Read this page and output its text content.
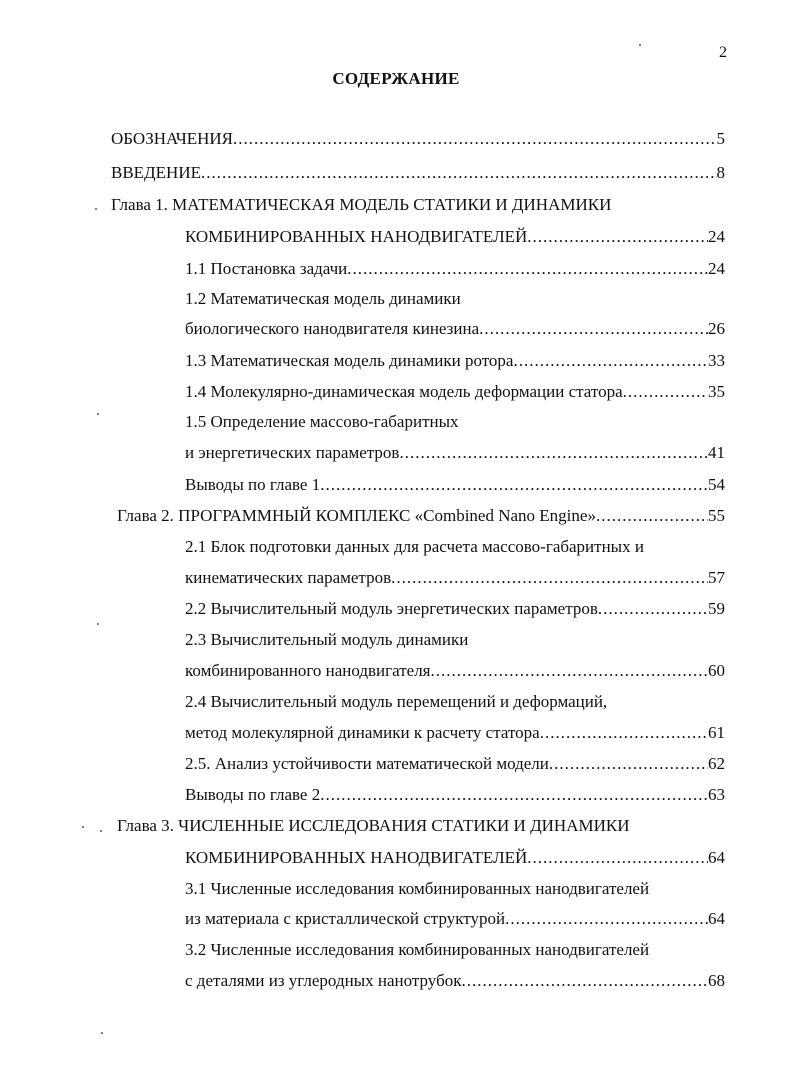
2
СОДЕРЖАНИЕ
ОБОЗНАЧЕНИЯ .....	5
ВВЕДЕНИЕ .....	8
Глава 1. МАТЕМАТИЧЕСКАЯ МОДЕЛЬ СТАТИКИ И ДИНАМИКИ
КОМБИНИРОВАННЫХ НАНОДВИГАТЕЛЕЙ .....	24
1.1 Постановка задачи .....	24
1.2 Математическая модель динамики
биологического нанодвигателя кинезина .....	26
1.3 Математическая модель динамики ротора .....	33
1.4 Молекулярно-динамическая модель деформации статора .....	35
1.5 Определение массово-габаритных
и энергетических параметров .....	41
Выводы по главе 1 .....	54
Глава 2. ПРОГРАММНЫЙ КОМПЛЕКС «Combined Nano Engine» .....	55
2.1 Блок подготовки данных для расчета массово-габаритных и
кинематических параметров .....	57
2.2 Вычислительный модуль энергетических параметров .....	59
2.3 Вычислительный модуль динамики
комбинированного нанодвигателя .....	60
2.4 Вычислительный модуль перемещений и деформаций,
метод молекулярной динамики к расчету статора .....	61
2.5. Анализ устойчивости математической модели .....	62
Выводы по главе 2 .....	63
Глава 3. ЧИСЛЕННЫЕ ИССЛЕДОВАНИЯ СТАТИКИ И ДИНАМИКИ
КОМБИНИРОВАННЫХ НАНОДВИГАТЕЛЕЙ .....	64
3.1 Численные исследования комбинированных нанодвигателей
из материала с кристаллической структурой .....	64
3.2 Численные исследования комбинированных нанодвигателей
с деталями из углеродных нанотрубок .....	68
